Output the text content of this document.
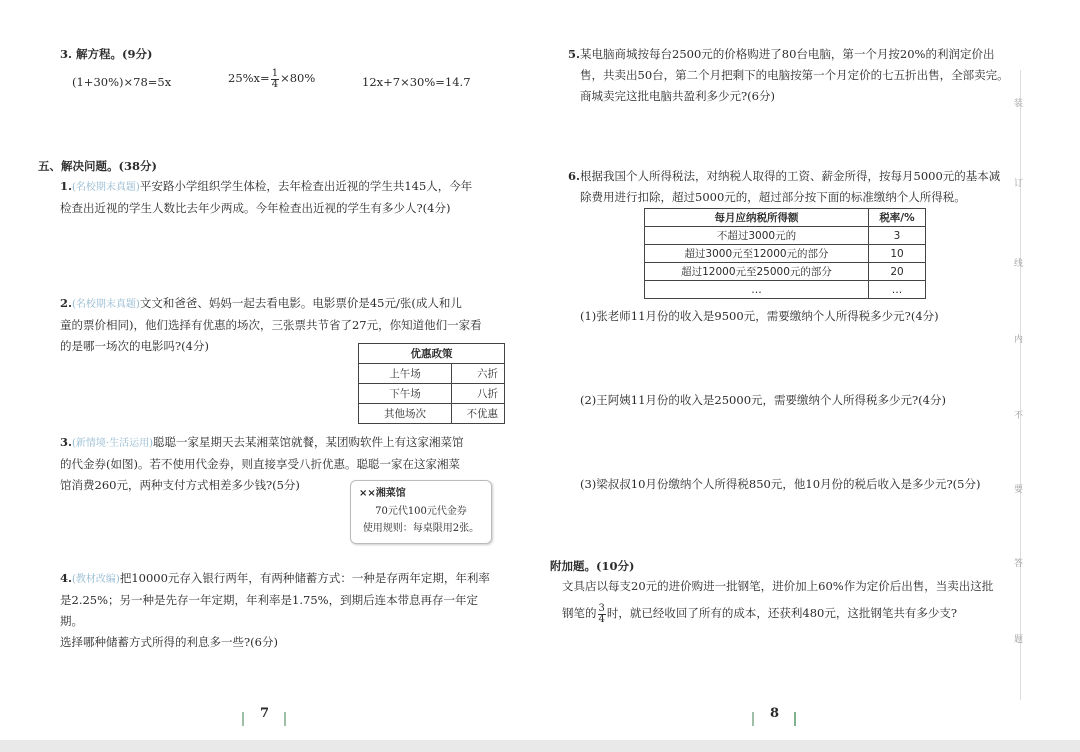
3. 解方程。(9分)
(1+30%)×78=5x	$25\%x= \frac{1}{4} \times 80\%$	12x+7×30%=14.7
五、解决问题。(38分)
1.(名校期末真题)平安路小学组织学生体检，去年检查出近视的学生共145人，今年
检查出近视的学生人数比去年少两成。今年检查出近视的学生有多少人?(4分)
2.(名校期末真题)文文和爸爸、妈妈一起去看电影。电影票价是45元/张(成人和儿
童的票价相同)，他们选择有优惠的场次，三张票共节省了27元，你知道他们一家看
的是哪一场次的电影吗?(4分)
优惠政策	
上午场	六折
下午场	八折
其他场次	不优惠
3.(新情境·生活运用)聪聪一家星期天去某湘菜馆就餐，某团购软件上有这家湘菜馆
的代金券(如图)。若不使用代金券，则直接享受八折优惠。聪聪一家在这家湘菜
馆消费260元，两种支付方式相差多少钱?(5分)
××湘菜馆
70元代100元代金券
使用规则：每桌限用2张。
4.(教材改编)把10000元存入银行两年，有两种储蓄方式：一种是存两年定期，年利率
是2.25%；另一种是先存一年定期，年利率是1.75%，到期后连本带息再存一年定期。
选择哪种储蓄方式所得的利息多一些?(6分)
7
5.某电脑商城按每台2500元的价格购进了80台电脑，第一个月按20%的利润定价出
售，共卖出50台，第二个月把剩下的电脑按第一个月定价的七五折出售，全部卖完。
商城卖完这批电脑共盈利多少元?(6分)
6.根据我国个人所得税法，对纳税人取得的工资、薪金所得，按每月5000元的基本减
除费用进行扣除，超过5000元的，超过部分按下面的标准缴纳个人所得税。
每月应纳税所得额	税率/%
不超过3000元的	3
超过3000元至12000元的部分	10
超过12000元至25000元的部分	20
…	…
(1)张老师11月份的收入是9500元，需要缴纳个人所得税多少元?(4分)
(2)王阿姨11月份的收入是25000元，需要缴纳个人所得税多少元?(4分)
(3)梁叔叔10月份缴纳个人所得税850元，他10月份的税后收入是多少元?(5分)
附加题。(10分)
文具店以每支20元的进价购进一批钢笔，进价加上60%作为定价后出售，当卖出这批
钢笔的 $\frac{3}{4}$ 时，就已经收回了所有的成本，还获利480元，这批钢笔共有多少支?
8
装
订
线
内
不
要
答
题
